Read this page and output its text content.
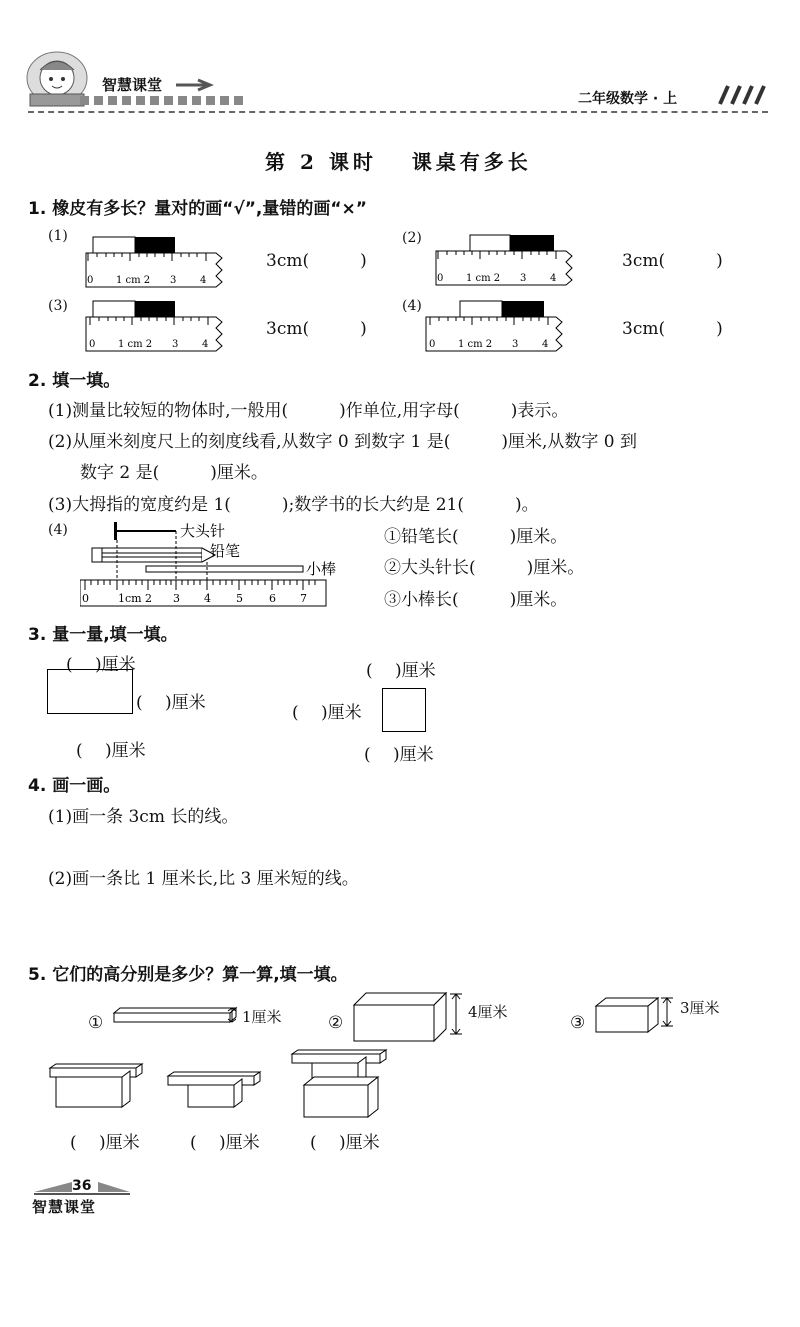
智慧课堂
二年级数学 · 上
第 2 课时　 课桌有多长
1. 橡皮有多长？量对的画“√”,量错的画“×”
(1)
0 1 cm 2 3 4
3cm(　　　)
(2)
0 1 cm 2 3 4
3cm(　　　)
(3)
0 1 cm 2 3 4
3cm(　　　)
(4)
0 1 cm 2 3 4
3cm(　　　)
2. 填一填。
(1)测量比较短的物体时,一般用(　　　)作单位,用字母(　　　)表示。
(2)从厘米刻度尺上的刻度线看,从数字 0 到数字 1 是(　　　)厘米,从数字 0 到
数字 2 是(　　　)厘米。
(3)大拇指的宽度约是 1(　　　);数学书的长大约是 21(　　　)。
(4)	大头针
铅笔
小棒
0	1cm 2 3 4 5 6 7
①铅笔长(　　　)厘米。
②大头针长(　　　)厘米。
③小棒长(　　　)厘米。
3. 量一量,填一填。
(　 )厘米
(　 )厘米
(　 )厘米
(　 )厘米
(　 )厘米
(　 )厘米
4. 画一画。
(1)画一条 3cm 长的线。
(2)画一条比 1 厘米长,比 3 厘米短的线。
5. 它们的高分别是多少？算一算,填一填。
①	1厘米	②
4厘米
③
3厘米
(　 )厘米	(　 )厘米	(　 )厘米
36
智慧课堂
